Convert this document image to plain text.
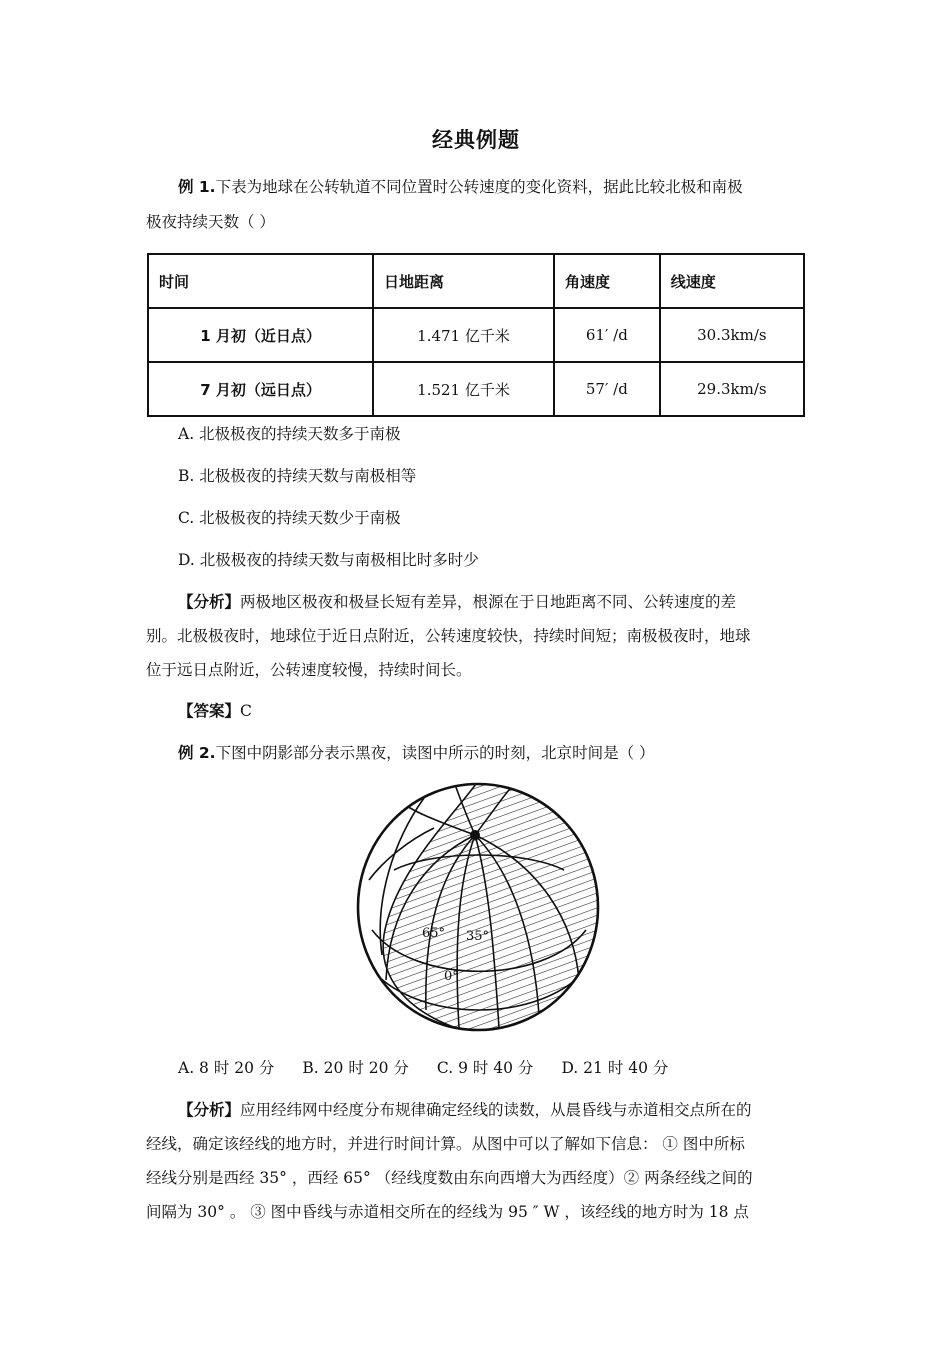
经典例题

例 1.下表为地球在公转轨道不同位置时公转速度的变化资料，据此比较北极和南极

极夜持续天数（ ）

时间	日地距离	角速度	线速度
1 月初（近日点）	1.471 亿千米	61′ /d	30.3km/s
7 月初（远日点）	1.521 亿千米	57′ /d	29.3km/s
A. 北极极夜的持续天数多于南极
B. 北极极夜的持续天数与南极相等
C. 北极极夜的持续天数少于南极
D. 北极极夜的持续天数与南极相比时多时少

【分析】两极地区极夜和极昼长短有差异，根源在于日地距离不同、公转速度的差

别。北极极夜时，地球位于近日点附近，公转速度较快，持续时间短；南极极夜时，地球

位于远日点附近，公转速度较慢，持续时间长。

【答案】C

例 2.下图中阴影部分表示黑夜，读图中所示的时刻，北京时间是（ ）

65° 35°
0°
A. 8 时 20 分 B. 20 时 20 分 C. 9 时 40 分 D. 21 时 40 分

【分析】应用经纬网中经度分布规律确定经线的读数，从晨昏线与赤道相交点所在的

经线，确定该经线的地方时，并进行时间计算。从图中可以了解如下信息： ① 图中所标

经线分别是西经 35° ，西经 65° （经线度数由东向西增大为西经度）② 两条经线之间的

间隔为 30° 。 ③ 图中昏线与赤道相交所在的经线为 95 ″ W ，该经线的地方时为 18 点
